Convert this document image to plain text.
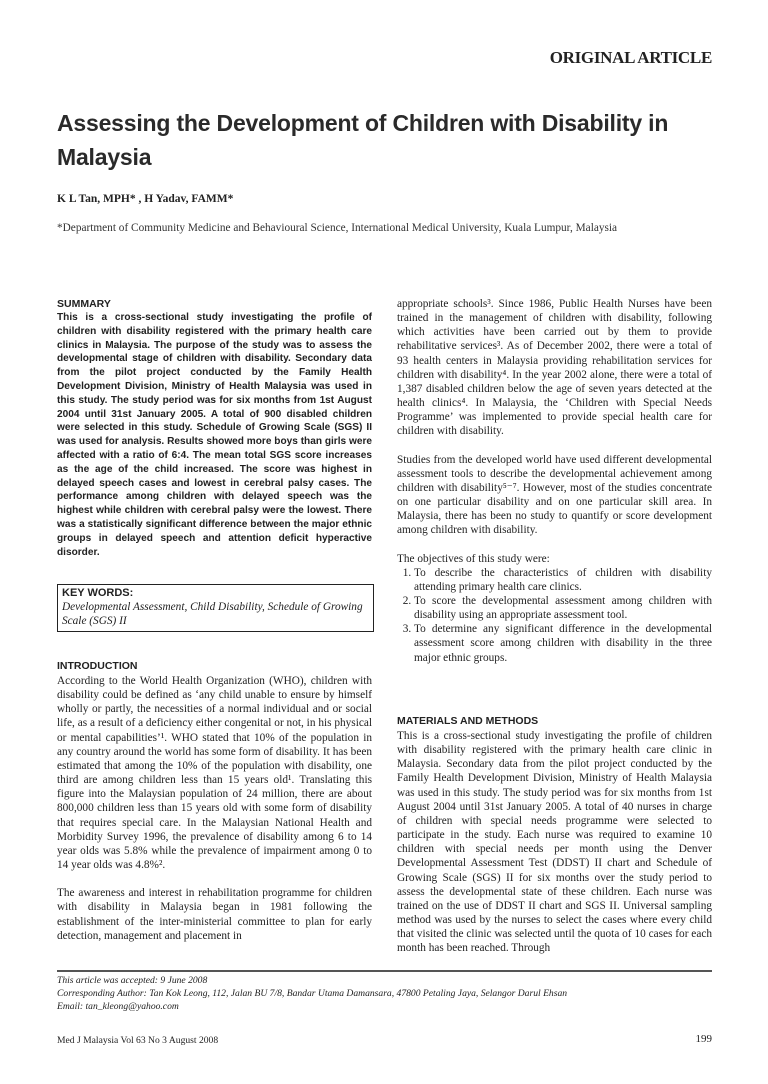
ORIGINAL ARTICLE
Assessing the Development of Children with Disability in Malaysia
K L Tan, MPH* , H Yadav, FAMM*
*Department of Community Medicine and Behavioural Science, International Medical University, Kuala Lumpur, Malaysia
SUMMARY

This is a cross-sectional study investigating the profile of children with disability registered with the primary health care clinics in Malaysia. The purpose of the study was to assess the developmental stage of children with disability. Secondary data from the pilot project conducted by the Family Health Development Division, Ministry of Health Malaysia was used in this study. The study period was for six months from 1st August 2004 until 31st January 2005. A total of 900 disabled children were selected in this study. Schedule of Growing Scale (SGS) II was used for analysis. Results showed more boys than girls were affected with a ratio of 6:4. The mean total SGS score increases as the age of the child increased. The score was highest in delayed speech cases and lowest in cerebral palsy cases. The performance among children with delayed speech was the highest while children with cerebral palsy were the lowest. There was a statistically significant difference between the major ethnic groups in delayed speech and attention deficit hyperactive disorder.

KEY WORDS:
Developmental Assessment, Child Disability, Schedule of Growing Scale (SGS) II
INTRODUCTION

According to the World Health Organization (WHO), children with disability could be defined as ‘any child unable to ensure by himself wholly or partly, the necessities of a normal individual and or social life, as a result of a deficiency either congenital or not, in his physical or mental capabilities’¹. WHO stated that 10% of the population in any country around the world has some form of disability. It has been estimated that among the 10% of the population with disability, one third are among children less than 15 years old¹. Translating this figure into the Malaysian population of 24 million, there are about 800,000 children less than 15 years old with some form of disability that requires special care. In the Malaysian National Health and Morbidity Survey 1996, the prevalence of disability among 6 to 14 year olds was 5.8% while the prevalence of impairment among 0 to 14 year olds was 4.8%².

The awareness and interest in rehabilitation programme for children with disability in Malaysia began in 1981 following the establishment of the inter-ministerial committee to plan for early detection, management and placement in

appropriate schools³. Since 1986, Public Health Nurses have been trained in the management of children with disability, following which activities have been carried out by them to provide rehabilitative services³. As of December 2002, there were a total of 93 health centers in Malaysia providing rehabilitation services for children with disability⁴. In the year 2002 alone, there were a total of 1,387 disabled children below the age of seven years detected at the health clinics⁴. In Malaysia, the ‘Children with Special Needs Programme’ was implemented to provide special health care for children with disability.

Studies from the developed world have used different developmental assessment tools to describe the developmental achievement among children with disability⁵⁻⁷. However, most of the studies concentrate on one particular disability and on one particular skill area. In Malaysia, there has been no study to quantify or score development among children with disability.

The objectives of this study were:

1. To describe the characteristics of children with disability attending primary health care clinics.
2. To score the developmental assessment among children with disability using an appropriate assessment tool.
3. To determine any significant difference in the developmental assessment score among children with disability in the three major ethnic groups.
MATERIALS AND METHODS

This is a cross-sectional study investigating the profile of children with disability registered with the primary health care clinic in Malaysia. Secondary data from the pilot project conducted by the Family Health Development Division, Ministry of Health Malaysia was used in this study. The study period was for six months from 1st August 2004 until 31st January 2005. A total of 40 nurses in charge of children with special needs programme were selected to participate in the study. Each nurse was required to examine 10 children with special needs per month using the Denver Developmental Assessment Test (DDST) II chart and Schedule of Growing Scale (SGS) II for six months over the study period to assess the developmental state of these children. Each nurse was trained on the use of DDST II chart and SGS II. Universal sampling method was used by the nurses to select the cases where every child that visited the clinic was selected until the quota of 10 cases for each month has been reached. Through

This article was accepted: 9 June 2008
Corresponding Author: Tan Kok Leong, 112, Jalan BU 7/8, Bandar Utama Damansara, 47800 Petaling Jaya, Selangor Darul Ehsan
Email: tan_kleong@yahoo.com
Med J Malaysia Vol 63 No 3 August 2008	199
